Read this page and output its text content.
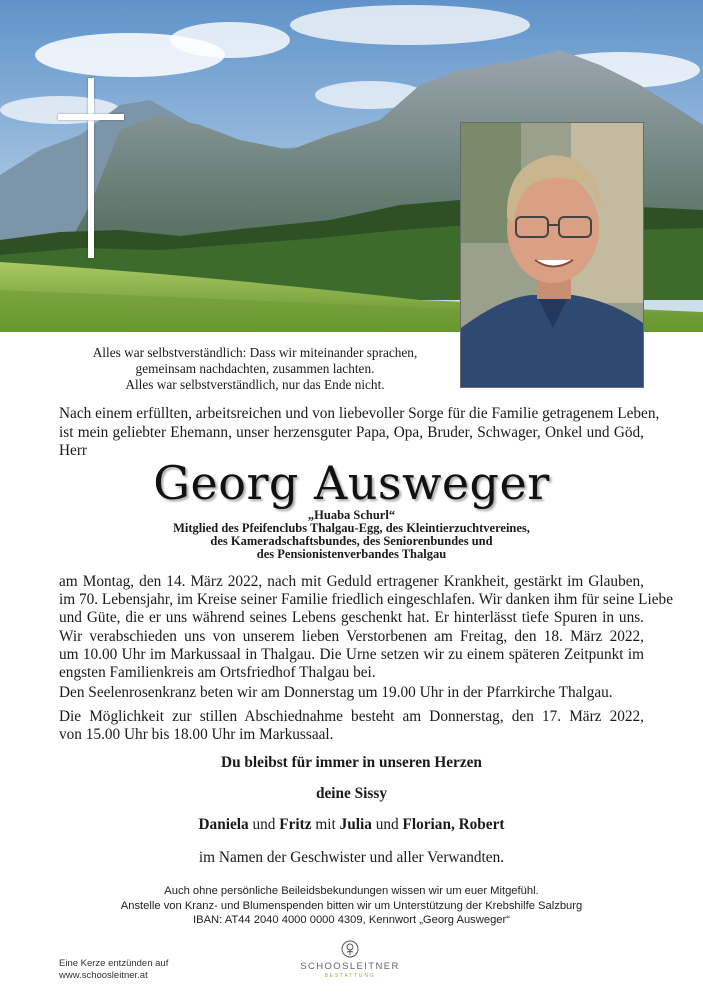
Alles war selbstverständlich: Dass wir miteinander sprachen,
gemeinsam nachdachten, zusammen lachten.
Alles war selbstverständlich, nur das Ende nicht.
Nach einem erfüllten, arbeitsreichen und von liebevoller Sorge für die Familie getragenem Leben,
ist mein geliebter Ehemann, unser herzensguter Papa, Opa, Bruder, Schwager, Onkel und Göd,
Herr
Georg Ausweger
„Huaba Schurl“
Mitglied des Pfeifenclubs Thalgau-Egg, des Kleintierzuchtvereines,
des Kameradschaftsbundes, des Seniorenbundes und
des Pensionistenverbandes Thalgau
am Montag, den 14. März 2022, nach mit Geduld ertragener Krankheit, gestärkt im Glauben,
im 70. Lebensjahr, im Kreise seiner Familie friedlich eingeschlafen. Wir danken ihm für seine Liebe
und Güte, die er uns während seines Lebens geschenkt hat. Er hinterlässt tiefe Spuren in uns.
Wir verabschieden uns von unserem lieben Verstorbenen am Freitag, den 18. März 2022,
um 10.00 Uhr im Markussaal in Thalgau. Die Urne setzen wir zu einem späteren Zeitpunkt im
engsten Familienkreis am Ortsfriedhof Thalgau bei.
Den Seelenrosenkranz beten wir am Donnerstag um 19.00 Uhr in der Pfarrkirche Thalgau.
Die Möglichkeit zur stillen Abschiednahme besteht am Donnerstag, den 17. März 2022,
von 15.00 Uhr bis 18.00 Uhr im Markussaal.
Du bleibst für immer in unseren Herzen
deine Sissy
Daniela und Fritz mit Julia und Florian, Robert
im Namen der Geschwister und aller Verwandten.
Auch ohne persönliche Beileidsbekundungen wissen wir um euer Mitgefühl.
Anstelle von Kranz- und Blumenspenden bitten wir um Unterstützung der Krebshilfe Salzburg
IBAN: AT44 2040 4000 0000 4309, Kennwort „Georg Ausweger“
Eine Kerze entzünden auf
www.schoosleitner.at
SCHOOSLEITNER
BESTATTUNG
